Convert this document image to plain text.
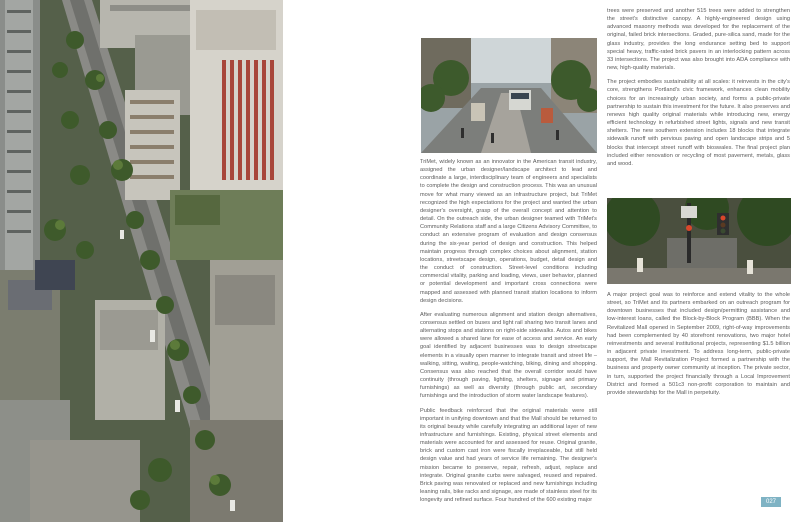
TriMet, widely known as an innovator in the American transit industry, assigned the urban designer/landscape architect to lead and coordinate a large, interdisciplinary team of engineers and specialists to complete the design and construction process. This was an unusual move for what many viewed as an infrastructure project, but TriMet recognized the high expectations for the project and wanted the urban designer's oversight, grasp of the overall concept and attention to detail. On the outreach side, the urban designer teamed with TriMet's Community Relations staff and a large Citizens Advisory Committee, to conduct an extensive program of evaluation and design consensus during the six-year period of design and construction. This helped maintain progress through complex choices about alignment, station locations, streetscape design, operations, budget, detail design and the conduct of construction. Street-level conditions including commercial vitality, parking and loading, views, user behavior, planned or potential development and important cross connections were mapped and assessed with planned transit station locations to inform design decisions.

After evaluating numerous alignment and station design alternatives, consensus settled on buses and light rail sharing two transit lanes and alternating stops and stations on right-side sidewalks. Autos and bikes were allowed a shared lane for ease of access and service. An early goal identified by adjacent businesses was to design streetscape elements in a visually open manner to integrate transit and street life – walking, sitting, waiting, people-watching, biking, dining and shopping. Consensus was also reached that the overall corridor would have continuity (through paving, lighting, shelters, signage and primary furnishings) as well as diversity (through public art, secondary furnishings and the introduction of storm water landscape features).

Public feedback reinforced that the original materials were still important in unifying downtown and that the Mall should be returned to its original beauty while carefully integrating an additional layer of new infrastructure and furnishings. Existing, physical street elements and materials were accounted for and assessed for reuse. Original granite, brick and custom cast iron were fiscally irreplaceable, but still held design value and had years of service life remaining. The designer's mission became to preserve, repair, refresh, adjust, replace and integrate. Original granite curbs were salvaged, reused and repaired. Brick paving was renovated or replaced and new furnishings including leaning rails, bike racks and signage, are made of stainless steel for its longevity and refined surface. Four hundred of the 600 existing major

trees were preserved and another 515 trees were added to strengthen the street's distinctive canopy. A highly-engineered design using advanced masonry methods was developed for the replacement of the original, failed brick intersections. Graded, pure-silica sand, made for the glass industry, provides the long endurance setting bed to support special heavy, traffic-rated brick pavers in an interlocking pattern across 33 intersections. The project was also brought into ADA compliance with new, high-quality materials.

The project embodies sustainability at all scales: it reinvests in the city's core, strengthens Portland's civic framework, enhances clean mobility choices for an increasingly urban society, and forms a public-private partnership to sustain this investment for the future. It also preserves and renews high quality original materials while introducing new, energy efficient technology in refurbished street lights, signals and new transit shelters. The new southern extension includes 18 blocks that integrate sidewalk runoff with pervious paving and open landscape strips and 5 blocks that intercept street runoff with bioswales. The final project plan included either renovation or recycling of most pavement, metals, glass and wood.

A major project goal was to reinforce and extend vitality to the whole street, so TriMet and its partners embarked on an outreach program for downtown businesses that included design/permitting assistance and low-interest loans, called the Block-by-Block Program (BBB). When the Revitalized Mall opened in September 2009, right-of-way improvements had been complemented by 40 storefront renovations, two major hotel reinvestments and several institutional projects, representing $1.5 billion in adjacent private investment. To address long-term, public-private support, the Mall Revitalization Project formed a partnership with the business and property owner community at inception. The private sector, in turn, supported the project financially through a Local Improvement District and formed a 501c3 non-profit corporation to maintain and provide stewardship for the Mall in perpetuity.

027
